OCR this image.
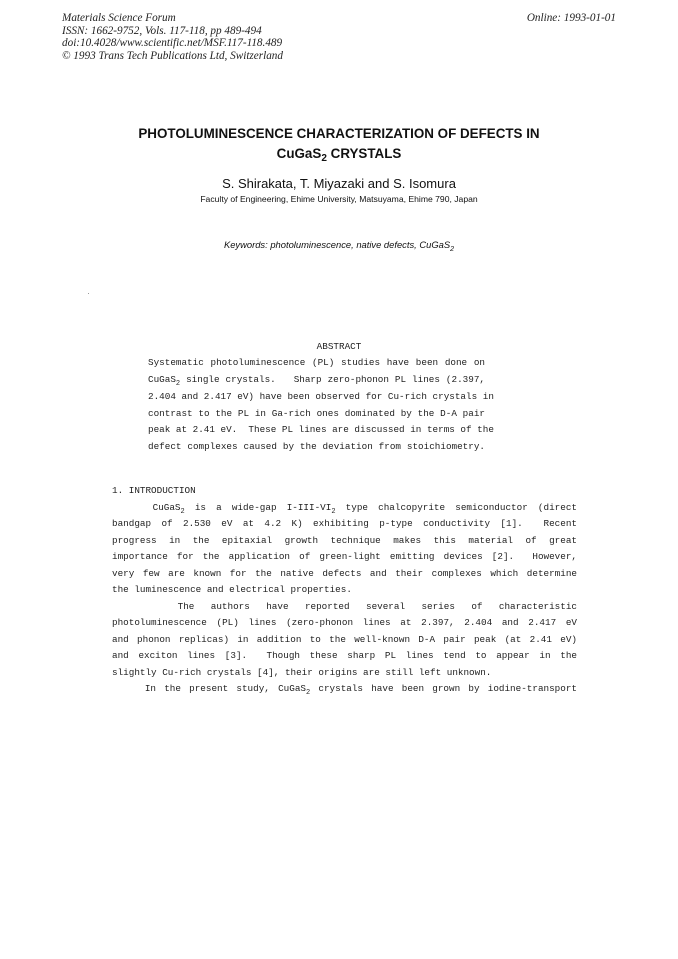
Materials Science Forum
ISSN: 1662-9752, Vols. 117-118, pp 489-494
doi:10.4028/www.scientific.net/MSF.117-118.489
© 1993 Trans Tech Publications Ltd, Switzerland
Online: 1993-01-01
PHOTOLUMINESCENCE CHARACTERIZATION OF DEFECTS IN
CuGaS$_2$ CRYSTALS
S. Shirakata, T. Miyazaki and S. Isomura
Faculty of Engineering, Ehime University, Matsuyama, Ehime 790, Japan
Keywords: photoluminescence, native defects, CuGaS$_2$
ABSTRACT
Systematic photoluminescence (PL) studies have been done on
CuGaS$_2$ single crystals.   Sharp zero-phonon PL lines (2.397,
2.404 and 2.417 eV) have been observed for Cu-rich crystals in
contrast to the PL in Ga-rich ones dominated by the D-A pair
peak at 2.41 eV.  These PL lines are discussed in terms of the
defect complexes caused by the deviation from stoichiometry.
1. INTRODUCTION
CuGaS$_2$ is a wide-gap $I-III-VI_2$ type chalcopyrite semiconductor (direct
bandgap of 2.530 eV at 4.2 K) exhibiting p-type conductivity [1].  Recent
progress in the epitaxial growth technique makes this material of great
importance for the application of green-light emitting devices [2].  However,
very few are known for the native defects and their complexes which determine
the luminescence and electrical properties.
The authors have reported several series of characteristic
photoluminescence (PL) lines (zero-phonon lines at 2.397, 2.404 and 2.417 eV
and phonon replicas) in addition to the well-known D-A pair peak (at 2.41 eV)
and exciton lines [3].  Though these sharp PL lines tend to appear in the
slightly Cu-rich crystals [4], their origins are still left unknown.
In the present study, CuGaS$_2$ crystals have been grown by iodine-transport
